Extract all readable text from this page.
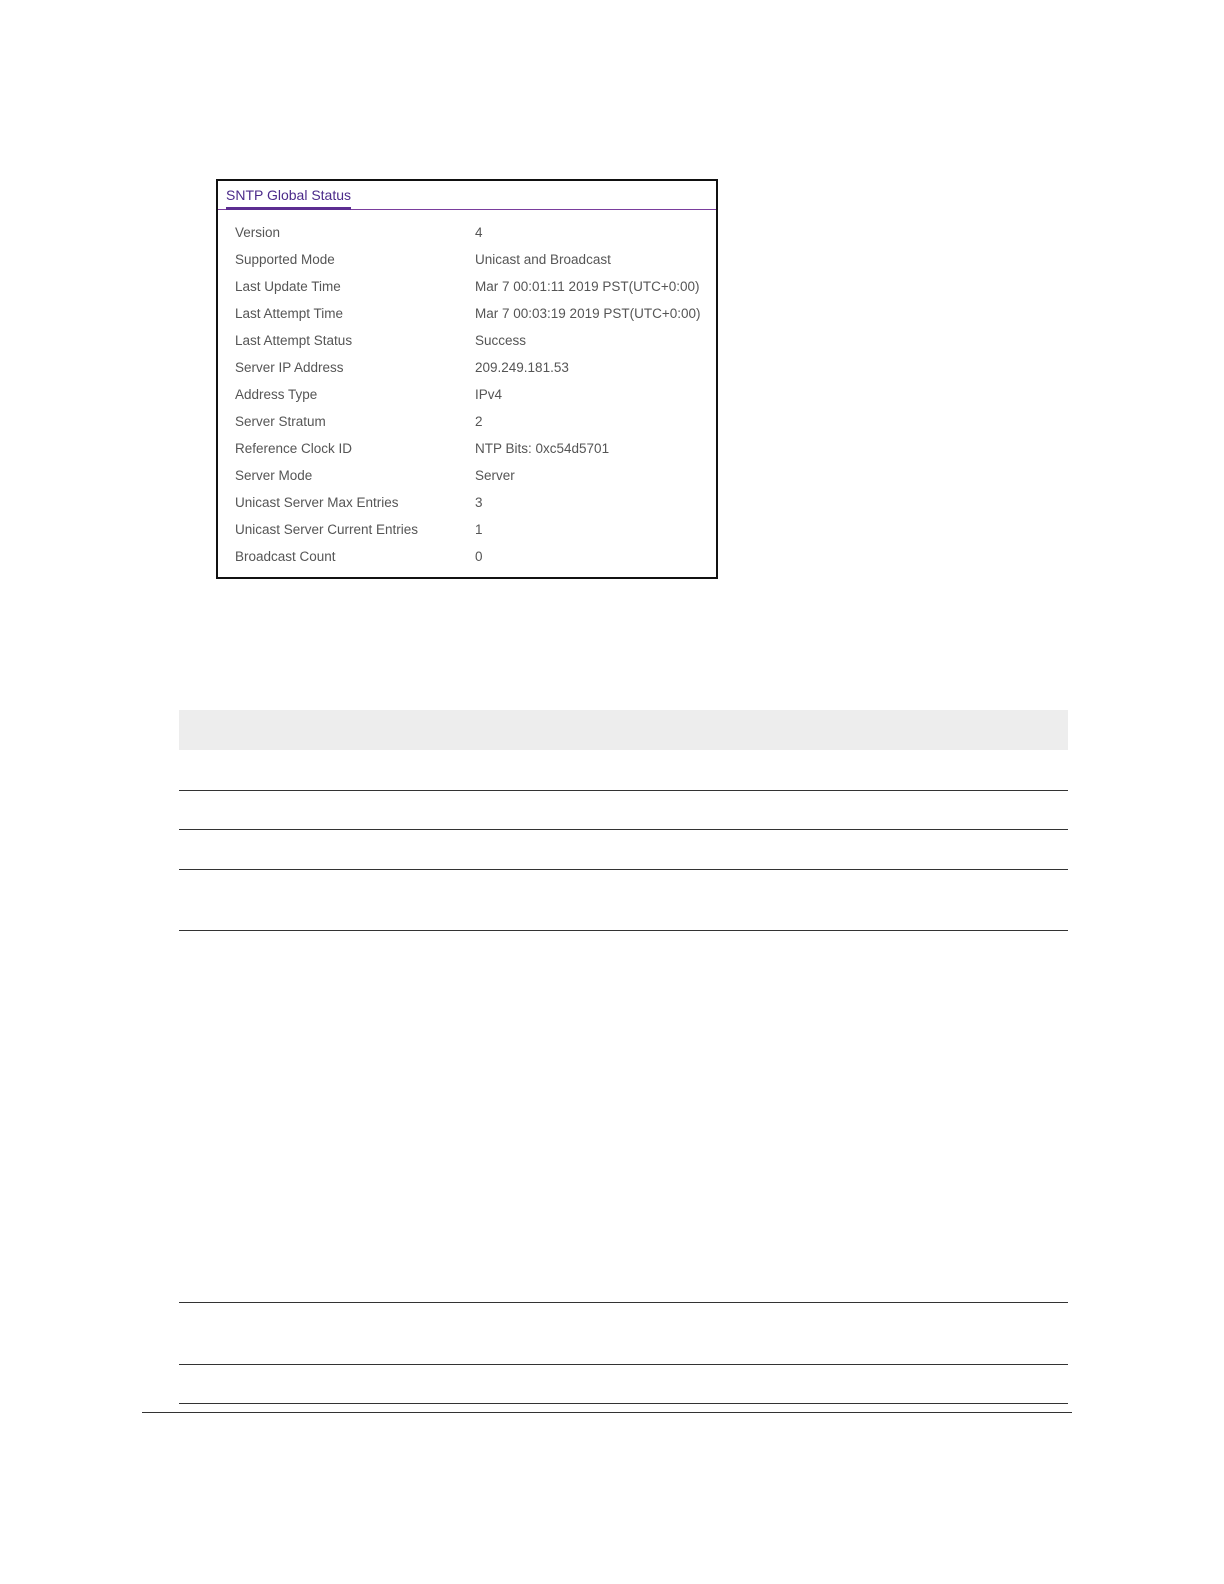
SNTP Global Status
Version	4
Supported Mode	Unicast and Broadcast
Last Update Time	Mar 7 00:01:11 2019 PST(UTC+0:00)
Last Attempt Time	Mar 7 00:03:19 2019 PST(UTC+0:00)
Last Attempt Status	Success
Server IP Address	209.249.181.53
Address Type	IPv4
Server Stratum	2
Reference Clock ID	NTP Bits: 0xc54d5701
Server Mode	Server
Unicast Server Max Entries	3
Unicast Server Current Entries	1
Broadcast Count	0
